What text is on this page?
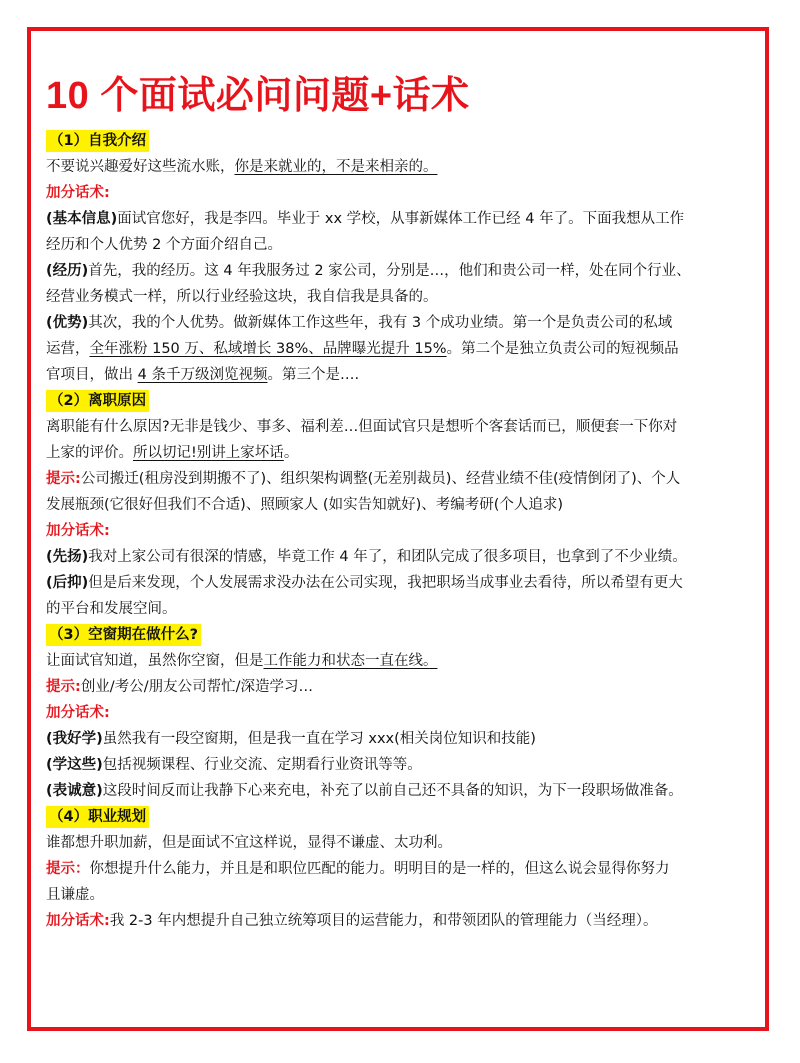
10 个面试必问问题+话术
（1）自我介绍
不要说兴趣爱好这些流水账，你是来就业的，不是来相亲的。
加分话术:
(基本信息)面试官您好，我是李四。毕业于 xx 学校，从事新媒体工作已经 4 年了。下面我想从工作
经历和个人优势 2 个方面介绍自己。
(经历)首先，我的经历。这 4 年我服务过 2 家公司，分别是…，他们和贵公司一样，处在同个行业、
经营业务模式一样，所以行业经验这块，我自信我是具备的。
(优势)其次，我的个人优势。做新媒体工作这些年，我有 3 个成功业绩。第一个是负责公司的私域
运营，全年涨粉 150 万、私域增长 38%、品牌曝光提升 15%。第二个是独立负责公司的短视频品
官项目，做出 4 条千万级浏览视频。第三个是….
（2）离职原因
离职能有什么原因?无非是钱少、事多、福利差…但面试官只是想听个客套话而已，顺便套一下你对
上家的评价。所以切记!别讲上家坏话。
提示:公司搬迁(租房没到期搬不了)、组织架构调整(无差别裁员)、经营业绩不佳(疫情倒闭了)、个人
发展瓶颈(它很好但我们不合适)、照顾家人 (如实告知就好)、考编考研(个人追求)
加分话术:
(先扬)我对上家公司有很深的情感，毕竟工作 4 年了，和团队完成了很多项目，也拿到了不少业绩。
(后抑)但是后来发现，个人发展需求没办法在公司实现，我把职场当成事业去看待，所以希望有更大
的平台和发展空间。
（3）空窗期在做什么?
让面试官知道，虽然你空窗，但是工作能力和状态一直在线。
提示:创业/考公/朋友公司帮忙/深造学习…
加分话术:
(我好学)虽然我有一段空窗期，但是我一直在学习 xxx(相关岗位知识和技能)
(学这些)包括视频课程、行业交流、定期看行业资讯等等。
(表诚意)这段时间反而让我静下心来充电，补充了以前自己还不具备的知识，为下一段职场做准备。
（4）职业规划
谁都想升职加薪，但是面试不宜这样说，显得不谦虚、太功利。
提示：你想提升什么能力，并且是和职位匹配的能力。明明目的是一样的，但这么说会显得你努力
且谦虚。
加分话术:我 2-3 年内想提升自己独立统筹项目的运营能力，和带领团队的管理能力（当经理）。
